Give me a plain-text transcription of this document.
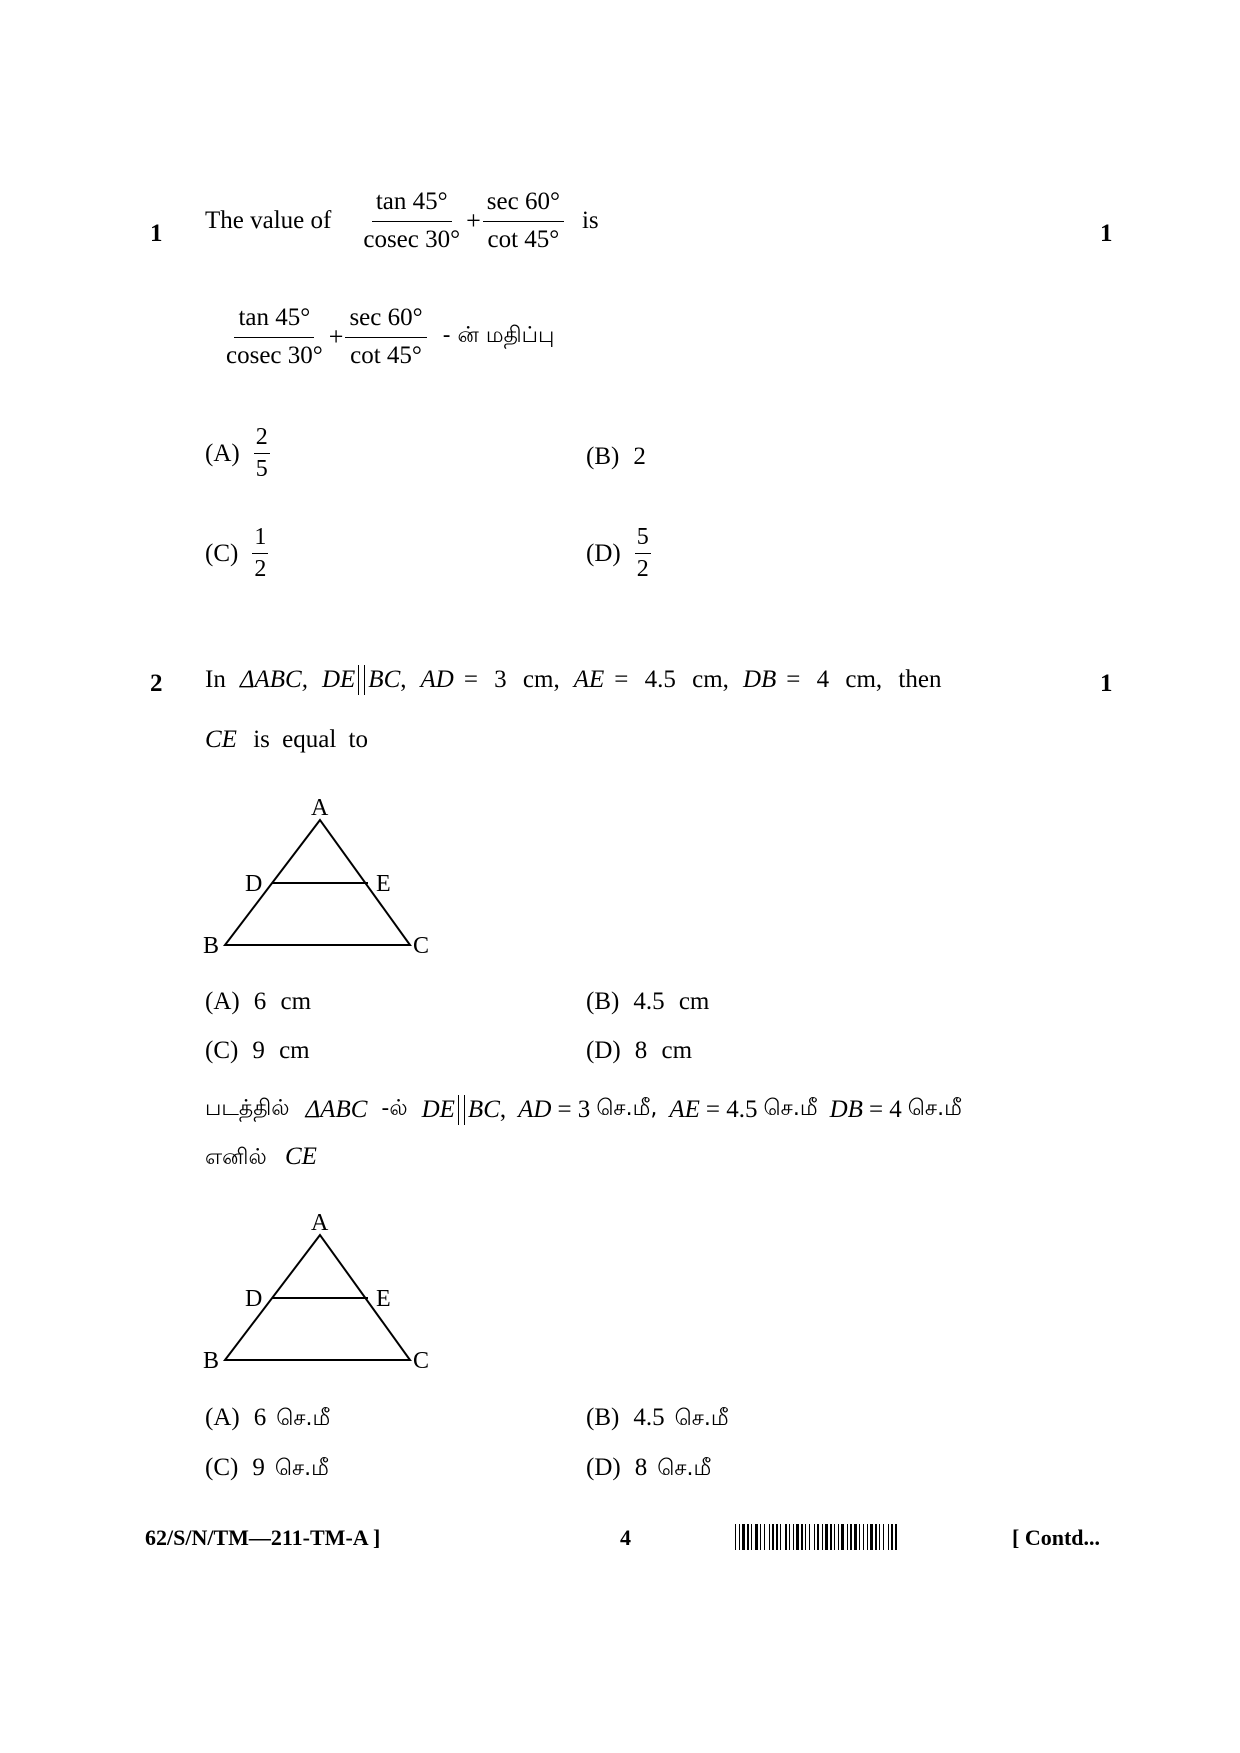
1	1
The value of $\frac{\tan 45^\circ}{cosec 30^\circ} + \frac{\sec 60^\circ}{\cot 45^\circ}$ is
$\frac{\tan 45^\circ}{cosec 30^\circ} + \frac{\sec 60^\circ}{\cot 45^\circ}$ - ன் மதிப்பு
$(A) \frac{2}{5}$	(B) 2
$(C) \frac{1}{2}$	$(D) \frac{5}{2}$
2	1
In ΔABC, DE BC , AD = 3 cm, AE = 4.5 cm, DB = 4 cm, then
CE is equal to
A
D	E
B	C
(A) 6 cm	(B) 4.5 cm
(C) 9 cm	(D) 8 cm
படத்தில் ΔABC -ல் DE BC , AD = 3 செ.மீ, AE = 4.5 செ.மீ DB = 4 செ.மீ
எனில் CE
A
D	E
B	C
(A) 6 செ.மீ	(B) 4.5 செ.மீ
(C) 9 செ.மீ	(D) 8 செ.மீ
62/S/N/TM—211-TM-A ]	4	[ Contd...
